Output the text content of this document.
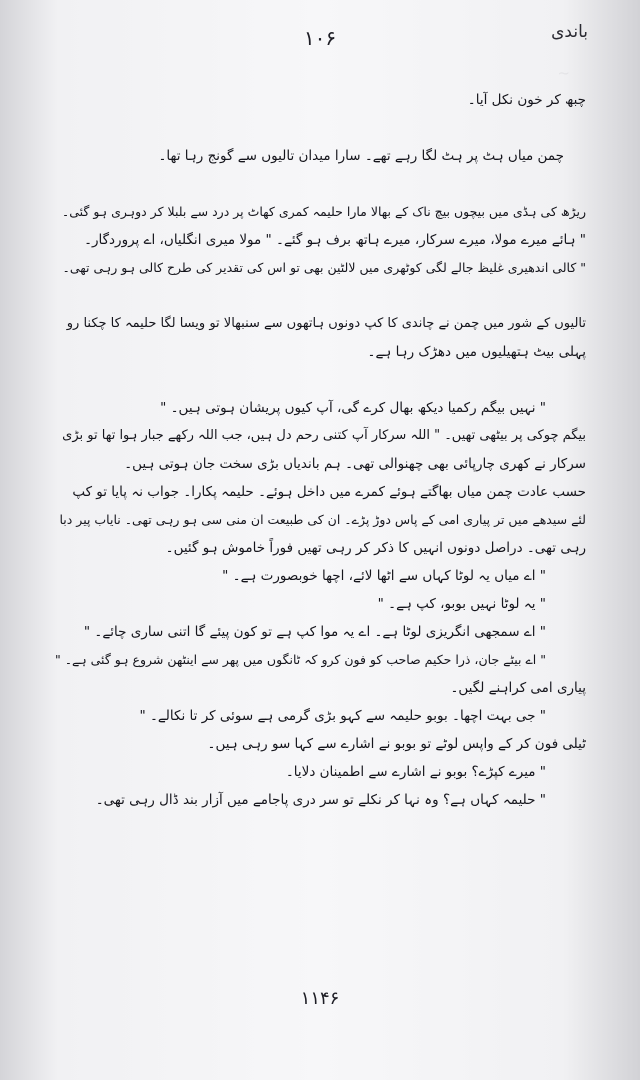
~
باندی
۱۰۶
چبھ کر خون نکل آیا۔
چمن میاں ہٹ پر ہٹ لگا رہے تھے۔ سارا میدان تالیوں سے گونج رہا تھا۔
ریڑھ کی ہڈی میں بیچوں بیچ ناک کے بھالا مارا حلیمہ کمری کھاٹ پر درد سے بلبلا کر دوہری ہو گئی۔
" ہائے میرے مولا، میرے سرکار، میرے ہاتھ برف ہو گئے۔ " مولا میری انگلیاں، اے پروردگار۔
" کالی اندھیری غلیظ جالے لگی کوٹھری میں لالٹین بھی تو اس کی تقدیر کی طرح کالی ہو رہی تھی۔
تالیوں کے شور میں چمن نے چاندی کا کپ دونوں ہاتھوں سے سنبھالا تو ویسا لگا حلیمہ کا چکنا رو
پہلی بیٹ ہتھیلیوں میں دھڑک رہا ہے۔
" نہیں بیگم رکمیا دیکھ بھال کرے گی، آپ کیوں پریشان ہوتی ہیں۔ "
بیگم چوکی پر بیٹھی تھیں۔ " اللہ سرکار آپ کتنی رحم دل ہیں، جب اللہ رکھے جبار ہوا تھا تو بڑی
سرکار نے کھری چارپائی بھی چھنوالی تھی۔ ہم باندیاں بڑی سخت جان ہوتی ہیں۔
حسب عادت چمن میاں بھاگتے ہوئے کمرے میں داخل ہوئے۔ حلیمہ پکارا۔ جواب نہ پایا تو کپ
لئے سیدھے میں تر پیاری امی کے پاس دوڑ پڑے۔ ان کی طبیعت ان منی سی ہو رہی تھی۔ نایاب پیر دبا
رہی تھی۔ دراصل دونوں انہیں کا ذکر کر رہی تھیں فوراً خاموش ہو گئیں۔
" اے میاں یہ لوٹا کہاں سے اٹھا لائے، اچھا خوبصورت ہے۔ "
" یہ لوٹا نہیں بوبو، کپ ہے۔ "
" اے سمجھی انگریزی لوٹا ہے۔ اے یہ موا کپ ہے تو کون پیئے گا اتنی ساری چائے۔ "
" اے بیٹے جان، ذرا حکیم صاحب کو فون کرو کہ ٹانگوں میں پھر سے اینٹھن شروع ہو گئی ہے۔ "
پیاری امی کراہنے لگیں۔
" جی بہت اچھا۔ بوبو حلیمہ سے کہو بڑی گرمی ہے سوئی کر تا نکالے۔ "
ٹیلی فون کر کے واپس لوٹے تو بوبو نے اشارے سے کہا سو رہی ہیں۔
" میرے کپڑے؟ بوبو نے اشارے سے اطمینان دلایا۔
" حلیمہ کہاں ہے؟ وہ نہا کر نکلے تو سر دری پاجامے میں آزار بند ڈال رہی تھی۔
۱۱۴۶
